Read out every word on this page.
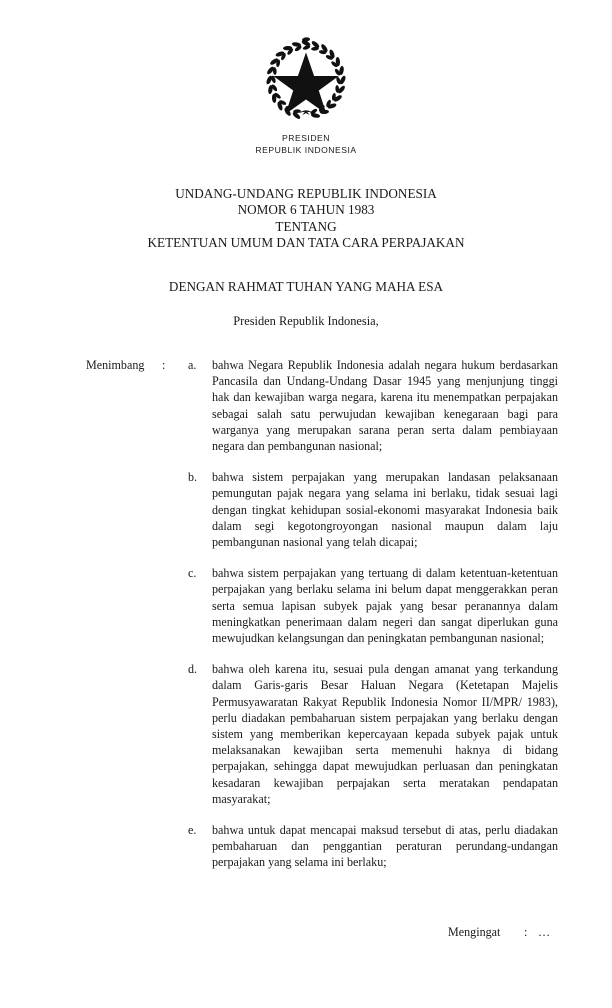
PRESIDEN
REPUBLIK INDONESIA
UNDANG-UNDANG REPUBLIK INDONESIA
NOMOR 6 TAHUN 1983
TENTANG
KETENTUAN UMUM DAN TATA CARA PERPAJAKAN
DENGAN RAHMAT TUHAN YANG MAHA ESA
Presiden Republik Indonesia,
Menimbang	:	a.	bahwa Negara Republik Indonesia adalah negara hukum berdasarkan Pancasila dan Undang-Undang Dasar 1945 yang menjunjung tinggi hak dan kewajiban warga negara, karena itu menempatkan perpajakan sebagai salah satu perwujudan kewajiban kenegaraan bagi para warganya yang merupakan sarana peran serta dalam pembiayaan negara dan pembangunan nasional;
b.	bahwa sistem perpajakan yang merupakan landasan pelaksanaan pemungutan pajak negara yang selama ini berlaku, tidak sesuai lagi dengan tingkat kehidupan sosial-ekonomi masyarakat Indonesia baik dalam segi kegotongroyongan nasional maupun dalam laju pembangunan nasional yang telah dicapai;
c.	bahwa sistem perpajakan yang tertuang di dalam ketentuan-ketentuan perpajakan yang berlaku selama ini belum dapat menggerakkan peran serta semua lapisan subyek pajak yang besar peranannya dalam meningkatkan penerimaan dalam negeri dan sangat diperlukan guna mewujudkan kelangsungan dan peningkatan pembangunan nasional;
d.	bahwa oleh karena itu, sesuai pula dengan amanat yang terkandung dalam Garis-garis Besar Haluan Negara (Ketetapan Majelis Permusyawaratan Rakyat Republik Indonesia Nomor II/MPR/ 1983), perlu diadakan pembaharuan sistem perpajakan yang berlaku dengan sistem yang memberikan kepercayaan kepada subyek pajak untuk melaksanakan kewajiban serta memenuhi haknya di bidang perpajakan, sehingga dapat mewujudkan perluasan dan peningkatan kesadaran kewajiban perpajakan serta meratakan pendapatan masyarakat;
e.	bahwa untuk dapat mencapai maksud tersebut di atas, perlu diadakan pembaharuan dan penggantian peraturan perundang-undangan perpajakan yang selama ini berlaku;
Mengingat	: …
